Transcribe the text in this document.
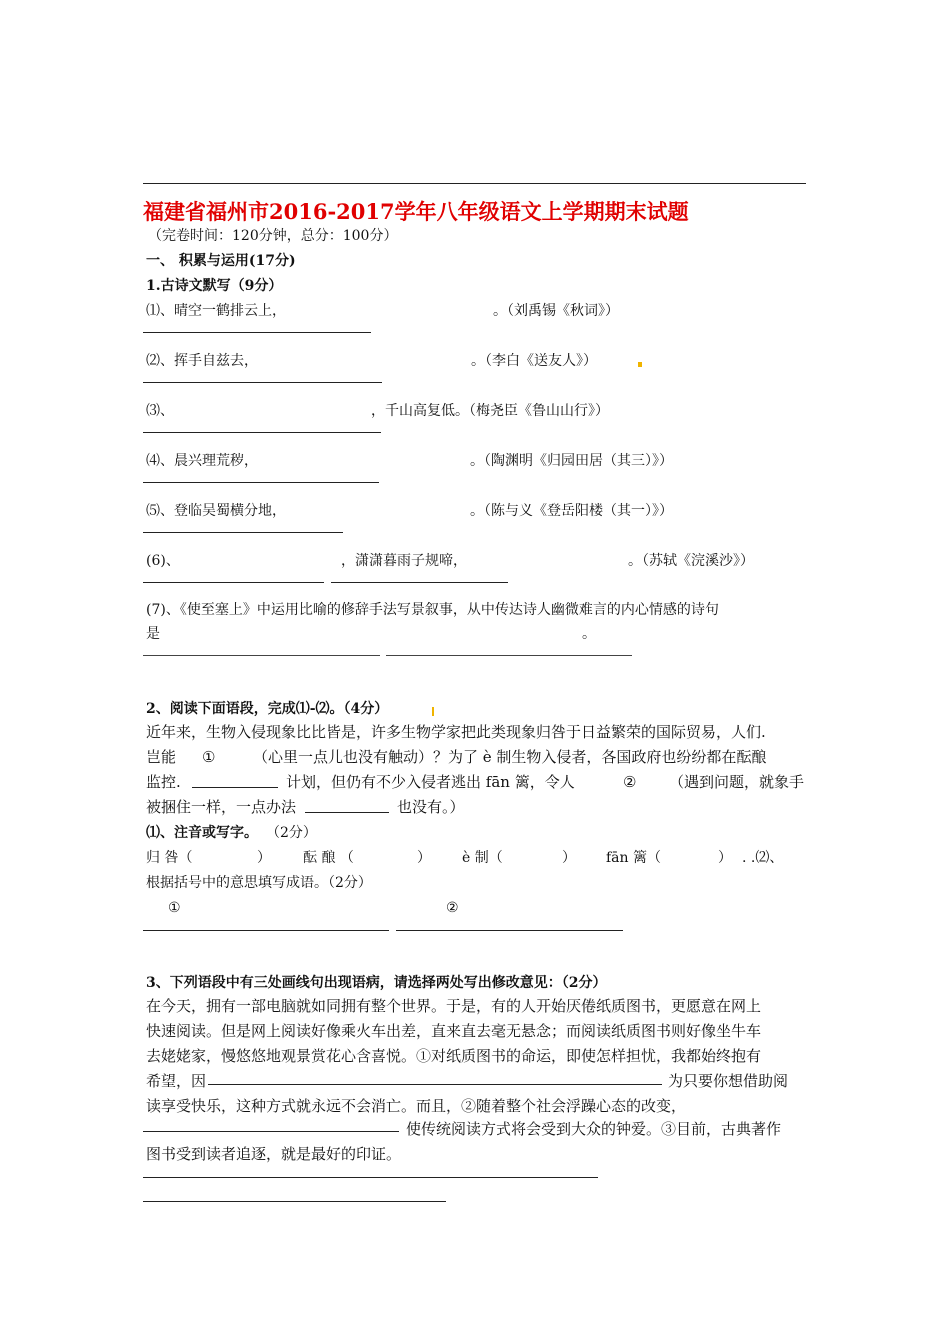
福建省福州市2016-2017学年八年级语文上学期期末试题
（完卷时间：120分钟，总分：100分）
一、 积累与运用(17分)
1.古诗文默写（9分）
⑴、晴空一鹤排云上，	。（刘禹锡《秋词》）
⑵、挥手自兹去，	。（李白《送友人》）
⑶、	，千山高复低。（梅尧臣《鲁山山行》）
⑷、晨兴理荒秽，	。（陶渊明《归园田居（其三）》）
⑸、登临吴蜀横分地，	。（陈与义《登岳阳楼（其一）》）
(6)、	，潇潇暮雨子规啼，	。（苏轼《浣溪沙》）
(7)、《使至塞上》中运用比喻的修辞手法写景叙事，从中传达诗人幽微难言的内心情感的诗句
是	。
2、阅读下面语段，完成⑴-⑵。（4分）
近年来，生物入侵现象比比皆是，许多生物学家把此类现象归咎于日益繁荣的国际贸易，人们.
岂能 ①	（心里一点儿也没有触动）？为了 è 制生物入侵者，各国政府也纷纷都在酝酿
监控.	计划，但仍有不少入侵者逃出 fān 篱，令人	② （遇到问题，就象手
被捆住一样，一点办法	也没有。）
⑴、注音或写字。 （2分）
归 咎（	） 酝 酿 （	） è 制（	） fān 篱（	） . .⑵、
根据括号中的意思填写成语。（2分）
①	②
3、下列语段中有三处画线句出现语病，请选择两处写出修改意见：（2分）
在今天，拥有一部电脑就如同拥有整个世界。于是，有的人开始厌倦纸质图书，更愿意在网上
快速阅读。但是网上阅读好像乘火车出差，直来直去毫无悬念；而阅读纸质图书则好像坐牛车
去姥姥家，慢悠悠地观景赏花心含喜悦。①对纸质图书的命运，即使怎样担忧，我都始终抱有
希望，因	为只要你想借助阅
读享受快乐，这种方式就永远不会消亡。而且，②随着整个社会浮躁心态的改变，
使传统阅读方式将会受到大众的钟爱。③目前，古典著作
图书受到读者追逐，就是最好的印证。
